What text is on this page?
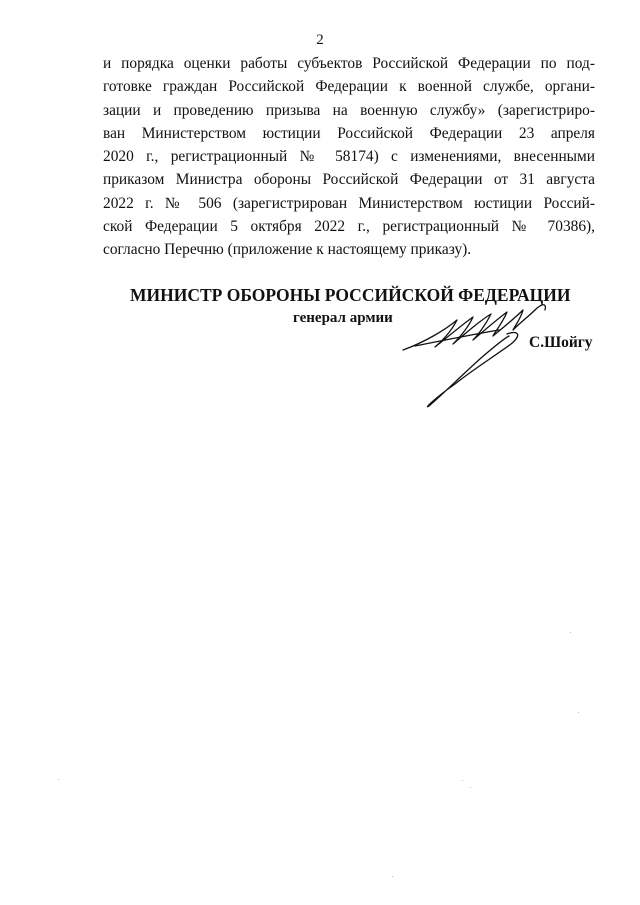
2
и порядка оценки работы субъектов Российской Федерации по под-
готовке граждан Российской Федерации к военной службе, органи-
зации и проведению призыва на военную службу» (зарегистриро-
ван Министерством юстиции Российской Федерации 23 апреля
2020 г., регистрационный № 58174) с изменениями, внесенными
приказом Министра обороны Российской Федерации от 31 августа
2022 г. № 506 (зарегистрирован Министерством юстиции Россий-
ской Федерации 5 октября 2022 г., регистрационный № 70386),
согласно Перечню (приложение к настоящему приказу).
МИНИСТР ОБОРОНЫ РОССИЙСКОЙ ФЕДЕРАЦИИ
генерал армии
С.Шойгу
